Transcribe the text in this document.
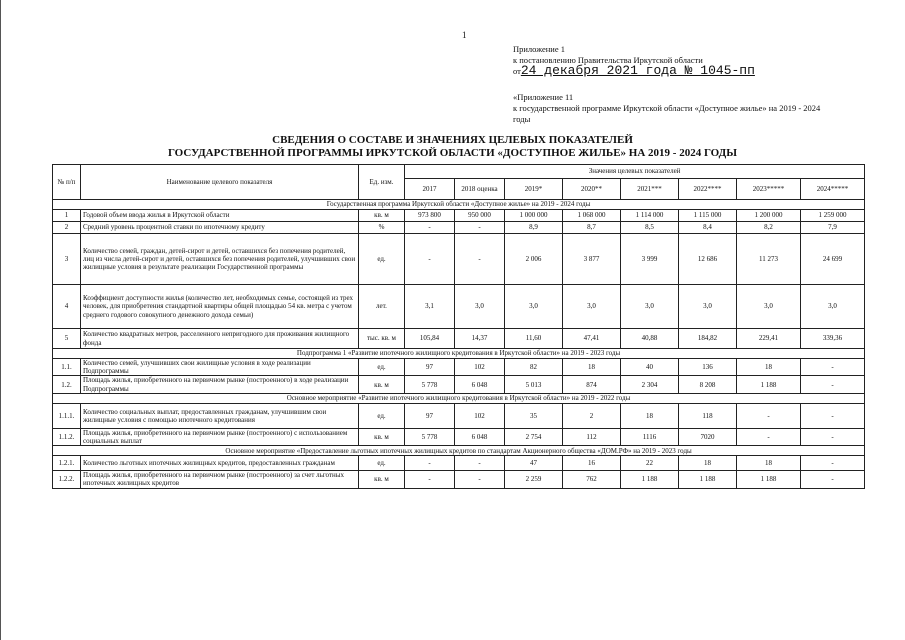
1
Приложение 1
к постановлению Правительства Иркутской области
от24 декабря 2021 года № 1045-пп
«Приложение 11
к государственной программе Иркутской области «Доступное жилье» на 2019 - 2024
годы
СВЕДЕНИЯ О СОСТАВЕ И ЗНАЧЕНИЯХ ЦЕЛЕВЫХ ПОКАЗАТЕЛЕЙ
ГОСУДАРСТВЕННОЙ ПРОГРАММЫ ИРКУТСКОЙ ОБЛАСТИ «ДОСТУПНОЕ ЖИЛЬЕ» НА 2019 - 2024 ГОДЫ
№ п/п	Наименование целевого показателя	Ед. изм.	Значения целевых показателей							
			2017	2018 оценка	2019*	2020**	2021***	2022****	2023*****	2024*****
Государственная программа Иркутской области «Доступное жилье» на 2019 - 2024 годы										
1	Годовой объем ввода жилья в Иркутской области	кв. м	973 800	950 000	1 000 000	1 068 000	1 114 000	1 115 000	1 200 000	1 259 000
2	Средний уровень процентной ставки по ипотечному кредиту	%	-	-	8,9	8,7	8,5	8,4	8,2	7,9
3	Количество семей, граждан, детей-сирот и детей, оставшихся без попечения родителей, лиц из числа детей-сирот и детей, оставшихся без попечения родителей, улучшивших свои жилищные условия в результате реализации Государственной программы	ед.	-	-	2 006	3 877	3 999	12 686	11 273	24 699
4	Коэффициент доступности жилья (количество лет, необходимых семье, состоящей из трех человек, для приобретения стандартной квартиры общей площадью 54 кв. метра с учетом среднего годового совокупного денежного дохода семьи)	лет.	3,1	3,0	3,0	3,0	3,0	3,0	3,0	3,0
5	Количество квадратных метров, расселенного непригодного для проживания жилищного фонда	тыс. кв. м	105,84	14,37	11,60	47,41	40,88	184,82	229,41	339,36
Подпрограмма 1 «Развитие ипотечного жилищного кредитования в Иркутской области» на 2019 - 2023 годы										
1.1.	Количество семей, улучшивших свои жилищные условия в ходе реализации Подпрограммы	ед.	97	102	82	18	40	136	18	-
1.2.	Площадь жилья, приобретенного на первичном рынке (построенного) в ходе реализации Подпрограммы	кв. м	5 778	6 048	5 013	874	2 304	8 208	1 188	-
Основное мероприятие «Развитие ипотечного жилищного кредитования в Иркутской области» на 2019 - 2022 годы										
1.1.1.	Количество социальных выплат, предоставленных гражданам, улучшившим свои жилищные условия с помощью ипотечного кредитования	ед.	97	102	35	2	18	118	-	-
1.1.2.	Площадь жилья, приобретенного на первичном рынке (построенного) с использованием социальных выплат	кв. м	5 778	6 048	2 754	112	1116	7020	-	-
Основное мероприятие «Предоставление льготных ипотечных жилищных кредитов по стандартам Акционерного общества «ДОМ.РФ» на 2019 - 2023 годы										
1.2.1.	Количество льготных ипотечных жилищных кредитов, предоставленных гражданам	ед.	-	-	47	16	22	18	18	-
1.2.2.	Площадь жилья, приобретенного на первичном рынке (построенного) за счет льготных ипотечных жилищных кредитов	кв. м	-	-	2 259	762	1 188	1 188	1 188	-
